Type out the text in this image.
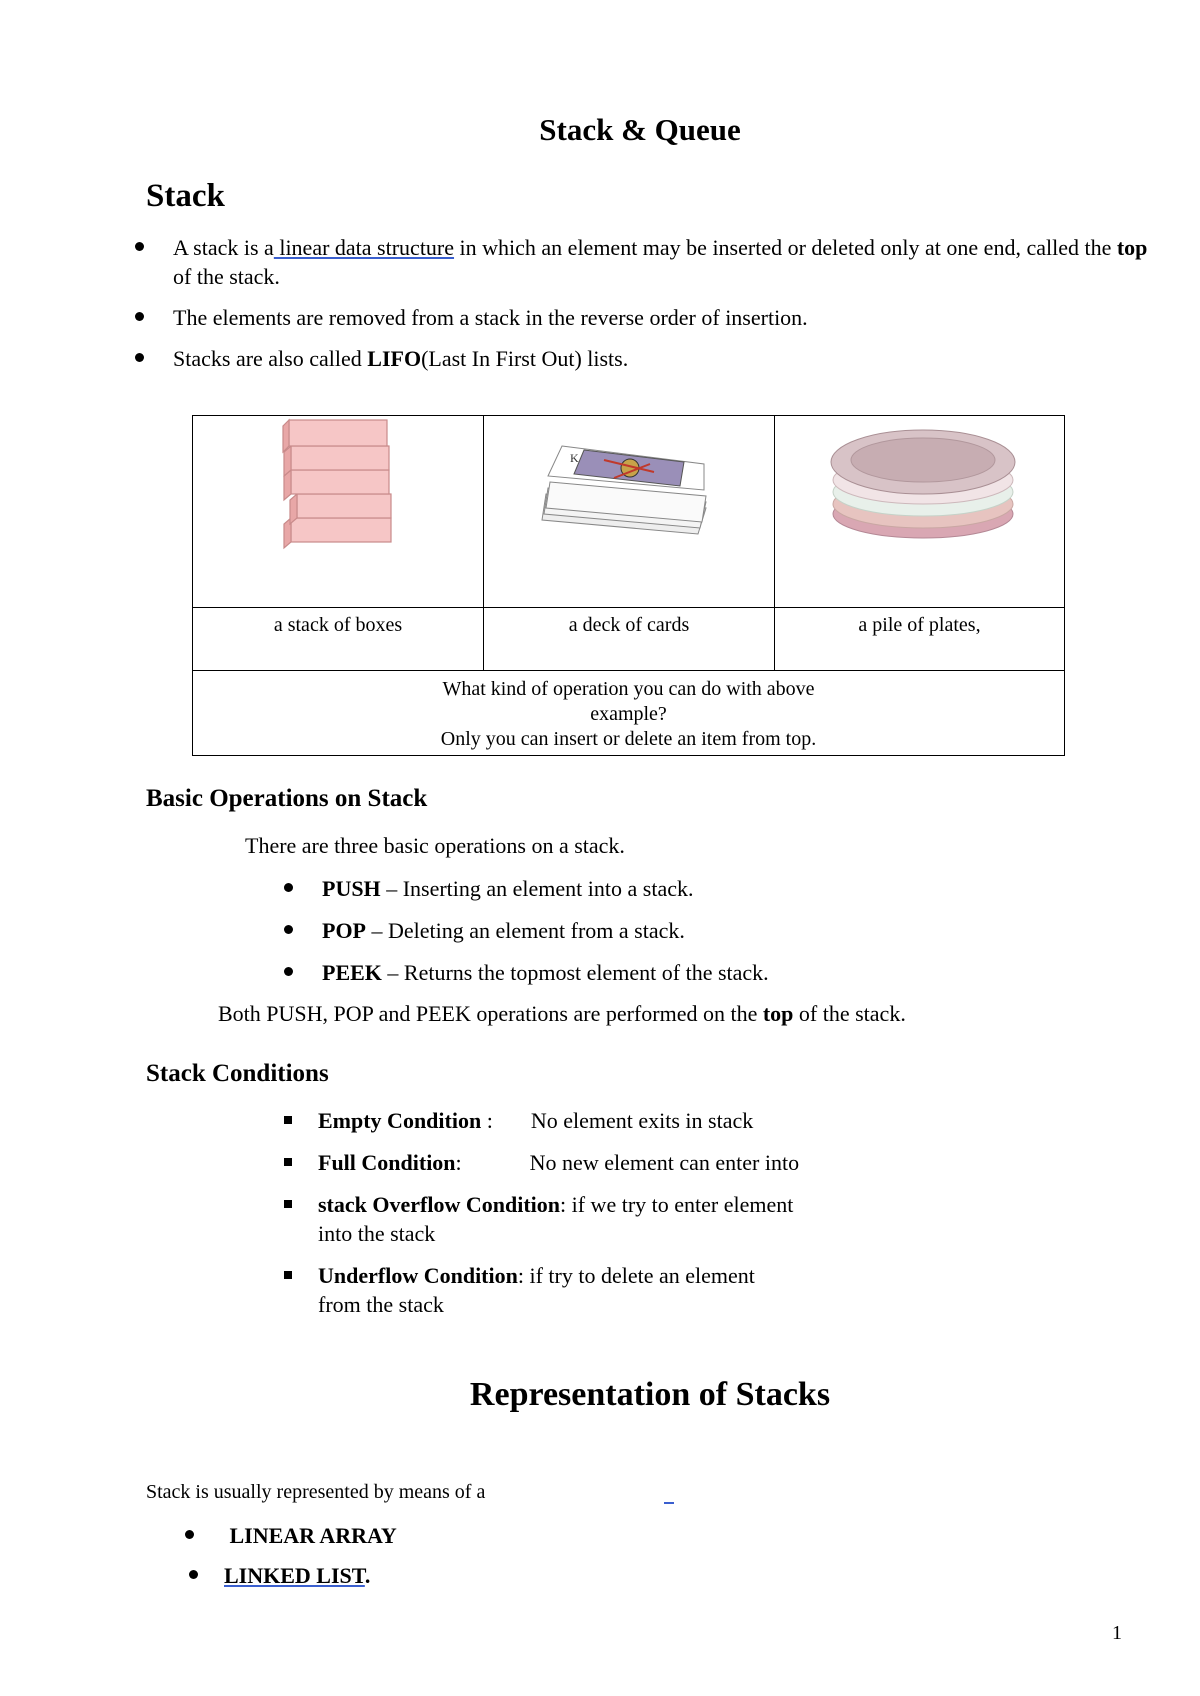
Stack & Queue
Stack
A stack is a linear data structure in which an element may be inserted or deleted only at one end, called the top of the stack.
The elements are removed from a stack in the reverse order of insertion.
Stacks are also called LIFO(Last In First Out) lists.

K

a stack of boxes	a deck of cards	a pile of plates,

What kind of operation you can do with above
example?
Only you can insert or delete an item from top.		
Basic Operations on Stack
There are three basic operations on a stack.
PUSH – Inserting an element into a stack.
POP – Deleting an element from a stack.
PEEK – Returns the topmost element of the stack.
Both PUSH, POP and PEEK operations are performed on the top of the stack.
Stack Conditions
Empty Condition : No element exits in stack
Full Condition:	No new element can enter into
stack Overflow Condition: if we try to enter element
into the stack
Underflow Condition: if try to delete an element
from the stack
Representation of Stacks
Stack is usually represented by means of a
LINEAR ARRAY
LINKED LIST.
1
